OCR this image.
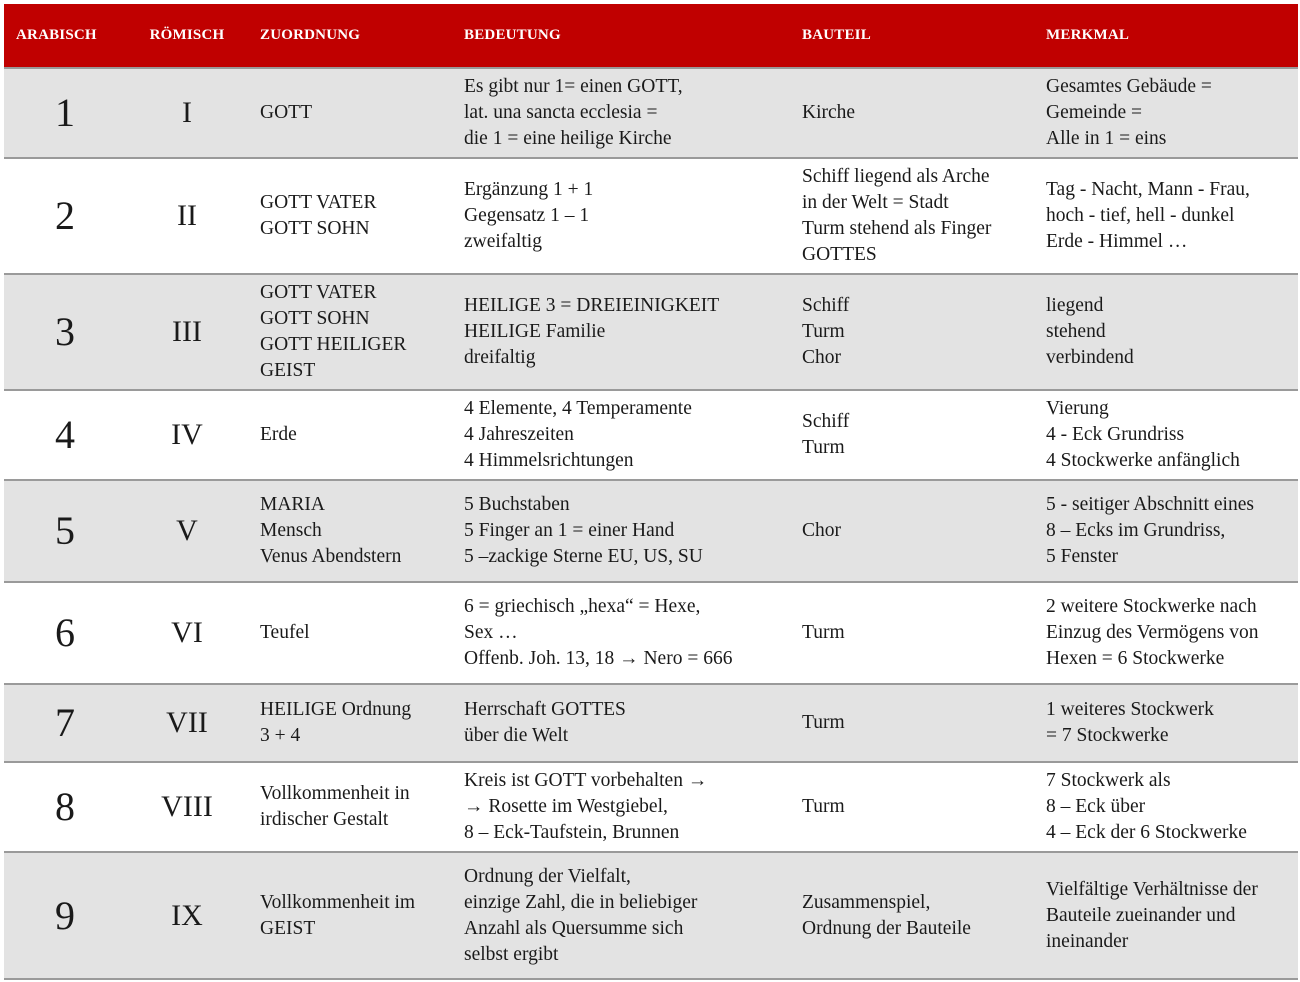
ARABISCH	RÖMISCH	ZUORDNUNG	BEDEUTUNG	BAUTEIL	MERKMAL
1	I	GOTT	Es gibt nur 1= einen GOTT,
lat. una sancta ecclesia =
die 1 = eine heilige Kirche	Kirche	Gesamtes Gebäude =
Gemeinde =
Alle in 1 = eins
2	II	GOTT VATER
GOTT SOHN	Ergänzung 1 + 1
Gegensatz 1 – 1
zweifaltig	Schiff liegend als Arche
in der Welt = Stadt
Turm stehend als Finger
GOTTES	Tag - Nacht, Mann - Frau,
hoch - tief, hell - dunkel
Erde - Himmel …
3	III	GOTT VATER
GOTT SOHN
GOTT HEILIGER
GEIST	HEILIGE 3 = DREIEINIGKEIT
HEILIGE Familie
dreifaltig	Schiff
Turm
Chor	liegend
stehend
verbindend
4	IV	Erde	4 Elemente, 4 Temperamente
4 Jahreszeiten
4 Himmelsrichtungen	Schiff
Turm	Vierung
4 - Eck Grundriss
4 Stockwerke anfänglich
5	V	MARIA
Mensch
Venus Abendstern	5 Buchstaben
5 Finger an 1 = einer Hand
5 –zackige Sterne EU, US, SU	Chor	5 - seitiger Abschnitt eines
8 – Ecks im Grundriss,
5 Fenster
6	VI	Teufel	6 = griechisch „hexa“ = Hexe,
Sex …
Offenb. Joh. 13, 18 → Nero = 666	Turm	2 weitere Stockwerke nach
Einzug des Vermögens von
Hexen = 6 Stockwerke
7	VII	HEILIGE Ordnung
3 + 4	Herrschaft GOTTES
über die Welt	Turm	1 weiteres Stockwerk
= 7 Stockwerke
8	VIII	Vollkommenheit in
irdischer Gestalt	Kreis ist GOTT vorbehalten →
→ Rosette im Westgiebel,
8 – Eck-Taufstein, Brunnen	Turm	7 Stockwerk als
8 – Eck über
4 – Eck der 6 Stockwerke
9	IX	Vollkommenheit im
GEIST	Ordnung der Vielfalt,
einzige Zahl, die in beliebiger
Anzahl als Quersumme sich
selbst ergibt	Zusammenspiel,
Ordnung der Bauteile	Vielfältige Verhältnisse der
Bauteile zueinander und
ineinander
